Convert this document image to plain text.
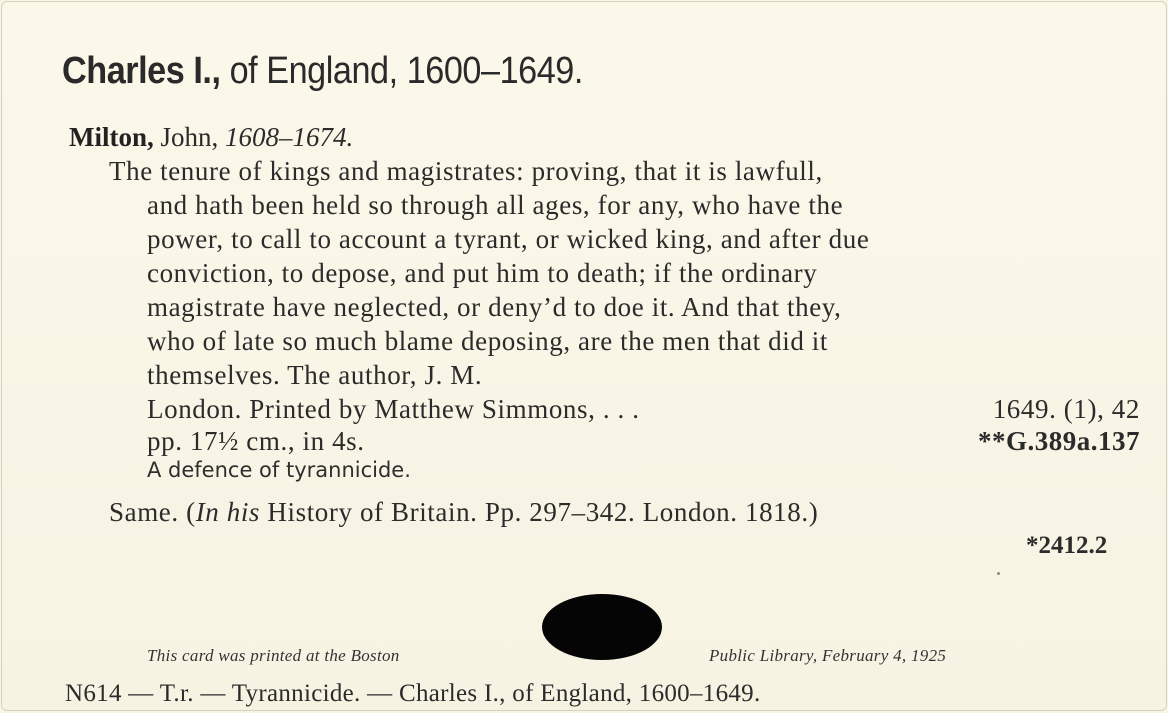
Charles I., of England, 1600–1649.
Milton, John, 1608–1674.
The tenure of kings and magistrates: proving, that it is lawfull,
and hath been held so through all ages, for any, who have the
power, to call to account a tyrant, or wicked king, and after due
conviction, to depose, and put him to death; if the ordinary
magistrate have neglected, or deny’d to doe it. And that they,
who of late so much blame deposing, are the men that did it
themselves. The author, J. M.
London. Printed by Matthew Simmons, . . .	1649. (1), 42
pp. 17½ cm., in 4s.	**G.389a.137
A defence of tyrannicide.
Same. (In his History of Britain. Pp. 297–342. London. 1818.)
*2412.2
This card was printed at the Boston	Public Library, February 4, 1925
N614 — T.r. — Tyrannicide. — Charles I., of England, 1600–1649.
